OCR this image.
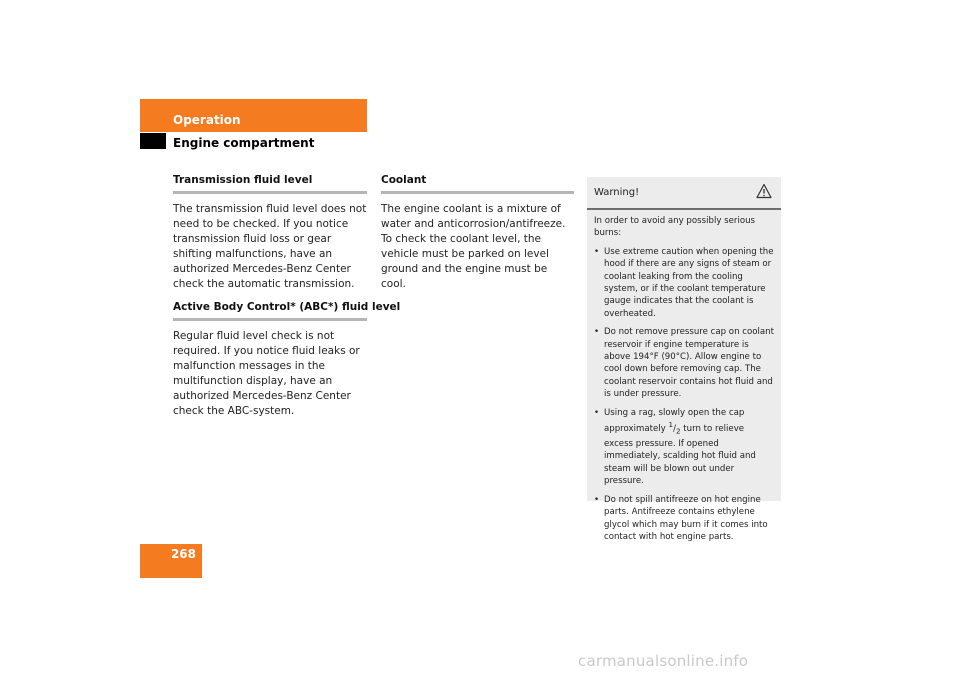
Operation
Engine compartment
Transmission fluid level

The transmission fluid level does not need to be checked. If you notice transmission fluid loss or gear shifting malfunctions, have an authorized Mercedes-Benz Center check the automatic transmission.

Active Body Control* (ABC*) fluid level

Regular fluid level check is not required. If you notice fluid leaks or malfunction messages in the multifunction display, have an authorized Mercedes-Benz Center check the ABC-system.

Coolant

The engine coolant is a mixture of water and anticorrosion/antifreeze. To check the coolant level, the vehicle must be parked on level ground and the engine must be cool.

Warning!

In order to avoid any possibly serious burns:

• Use extreme caution when opening the hood if there are any signs of steam or coolant leaking from the cooling system, or if the coolant temperature gauge indicates that the coolant is overheated.
• Do not remove pressure cap on coolant reservoir if engine temperature is above 194°F (90°C). Allow engine to cool down before removing cap. The coolant reservoir contains hot fluid and is under pressure.
• Using a rag, slowly open the cap approximately $^1/_2$ turn to relieve excess pressure. If opened immediately, scalding hot fluid and steam will be blown out under pressure.
• Do not spill antifreeze on hot engine parts. Antifreeze contains ethylene glycol which may burn if it comes into contact with hot engine parts.
268
carmanualsonline.info
